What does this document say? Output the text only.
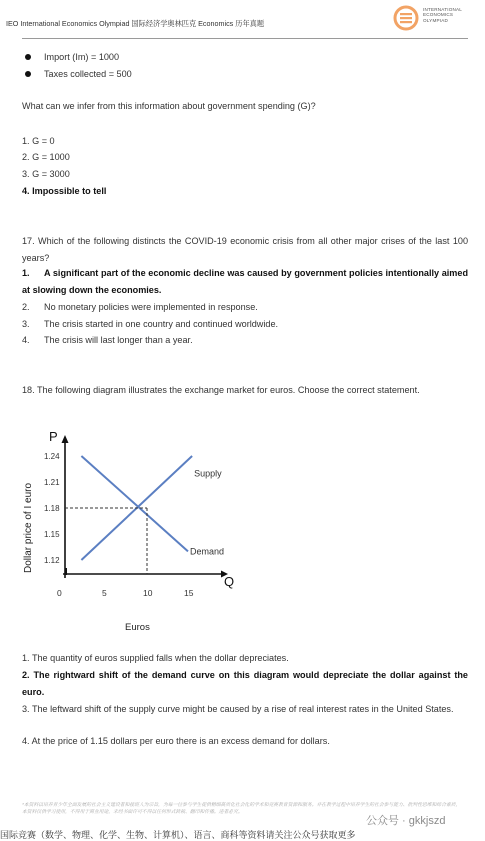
IEO International Economics Olympiad 国际经济学奥林匹克 Economics 历年真题
INTERNATIONAL
ECONOMICS
OLYMPIAD
Import (Im) = 1000
Taxes collected = 500
What can we infer from this information about government spending (G)?
1. G = 0
2. G = 1000
3. G = 3000
4. Impossible to tell
17. Which of the following distincts the COVID-19 economic crisis from all other major crises of the last 100 years?
1.	A significant part of the economic decline was caused by government policies intentionally aimed at slowing down the economies.
2. No monetary policies were implemented in response.
3. The crisis started in one country and continued worldwide.
4. The crisis will last longer than a year.
18. The following diagram illustrates the exchange market for euros. Choose the correct statement.
P
Q
1.24
1.21
1.18
1.15
1.12
0	5	10	15
Supply
Demand
Dollar price of I euro
Euros
1. The quantity of euros supplied falls when the dollar depreciates.
2. The rightward shift of the demand curve on this diagram would depreciate the dollar against the euro.
3. The leftward shift of the supply curve might be caused by a rise of real interest rates in the United States.
4. At the price of 1.15 dollars per euro there is an excess demand for dollars.
*本资料以培养青少年全面发展的社会主义建设者和接班人为宗旨，为每一位参与学生提供精细高质化社会化的学术和竞赛教育资源和服务。并在教学过程中培养学生的社会参与能力、批判性思维和综合素质，本资料仅供学习使用，不得用于商业用途，未经书面许可不得以任何形式转载、翻印和传播。违者必究。
公众号 · gkkjszd
国际竞赛（数学、物理、化学、生物、计算机）、语言、商科等资料请关注公众号获取更多
